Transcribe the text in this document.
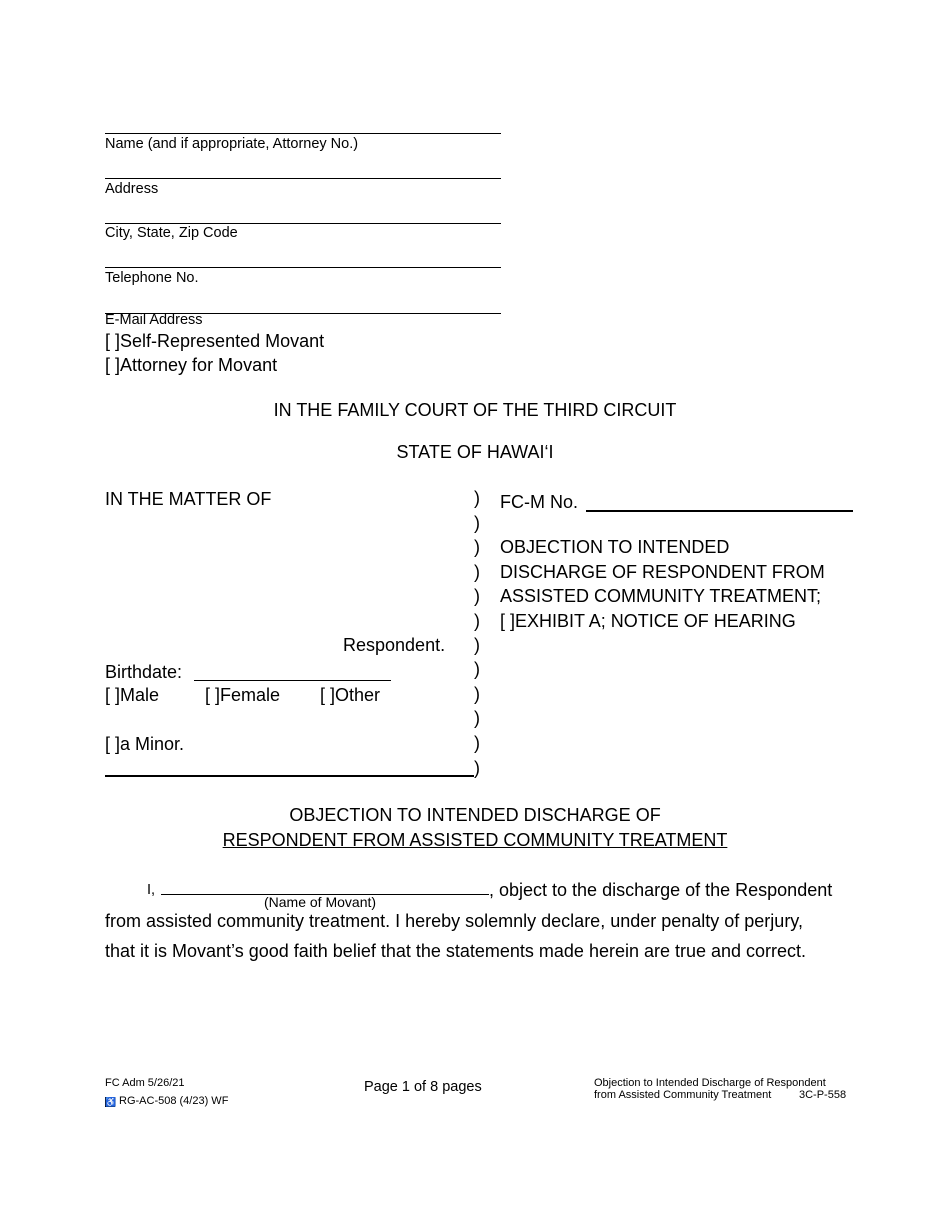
Name (and if appropriate, Attorney No.)
Address
City, State, Zip Code
Telephone No.
E-Mail Address
[ ]Self-Represented Movant
[ ]Attorney for Movant
IN THE FAMILY COURT OF THE THIRD CIRCUIT
STATE OF HAWAI‘I
IN THE MATTER OF
Respondent.
Birthdate:
[ ]Male	[ ]Female [ ]Other
[ ]a Minor.
)
)
)
)
)
)
)
)
)
)
)
)
FC-M No.
OBJECTION TO INTENDED
DISCHARGE OF RESPONDENT FROM
ASSISTED COMMUNITY TREATMENT;
[ ]EXHIBIT A; NOTICE OF HEARING
OBJECTION TO INTENDED DISCHARGE OF
RESPONDENT FROM ASSISTED COMMUNITY TREATMENT
I,
(Name of Movant)
, object to the discharge of the Respondent
from assisted community treatment. I hereby solemnly declare, under penalty of perjury,
that it is Movant’s good faith belief that the statements made herein are true and correct.
FC Adm 5/26/21
♿ RG-AC-508 (4/23) WF
Page 1 of 8 pages	Objection to Intended Discharge of Respondent
from Assisted Community Treatment	3C-P-558
